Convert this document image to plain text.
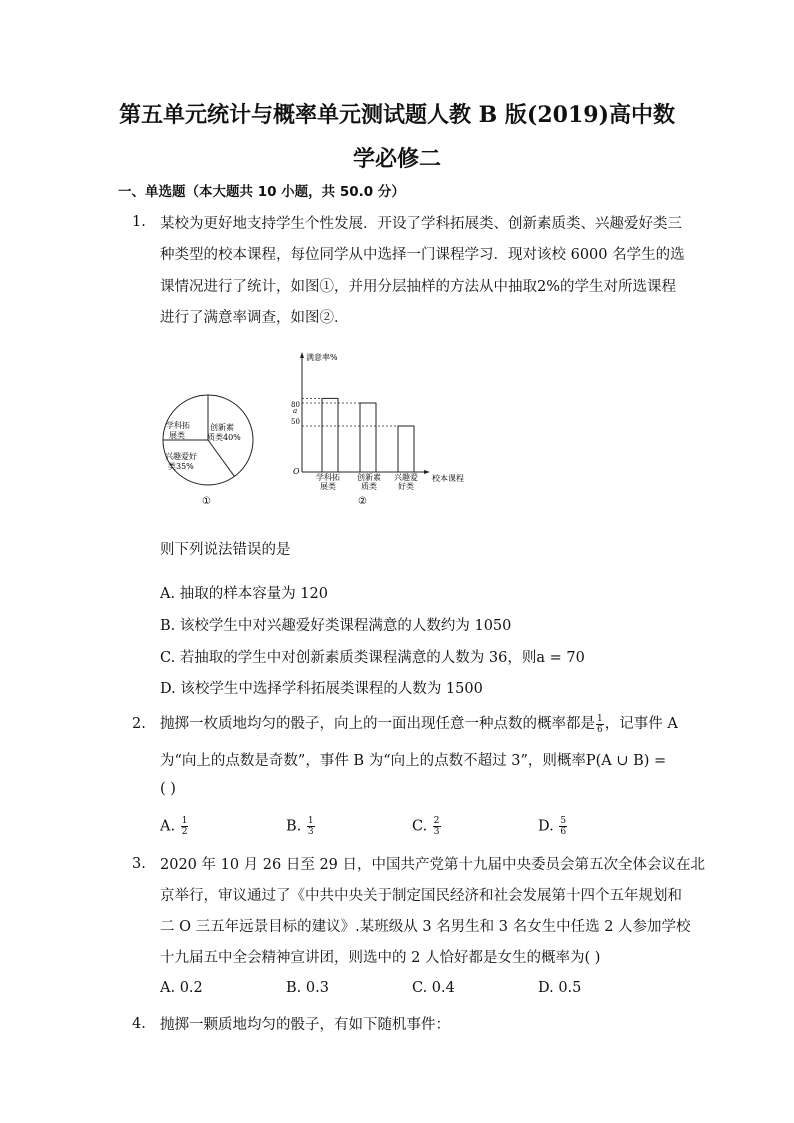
第五单元统计与概率单元测试题人教 B 版(2019)高中数
学必修二
一、单选题（本大题共 10 小题，共 50.0 分）
1. 某校为更好地支持学生个性发展．开设了学科拓展类、创新素质类、兴趣爱好类三
种类型的校本课程，每位同学从中选择一门课程学习．现对该校 6000 名学生的选
课情况进行了统计，如图①，并用分层抽样的方法从中抽取2%的学生对所选课程
进行了满意率调查，如图②．
学科拓
展类
创新素
质类40%
兴趣爱好
类35%
①
满意率%
校本课程
O
80
a
50
学科拓
展类
创新素
质类
兴趣爱
好类
②
则下列说法错误的是
A. 抽取的样本容量为 120
B. 该校学生中对兴趣爱好类课程满意的人数约为 1050
C. 若抽取的学生中对创新素质类课程满意的人数为 36，则a = 70
D. 该校学生中选择学科拓展类课程的人数为 1500
2. 抛掷一枚质地均匀的骰子，向上的一面出现任意一种点数的概率都是 $\frac{1}{6}$ ，记事件 A
为“向上的点数是奇数”，事件 B 为“向上的点数不超过 3”，则概率P(A ∪ B) =
( )
A. $\frac{1}{2}$	B. $\frac{1}{3}$	C. $\frac{2}{3}$	D. $\frac{5}{6}$
3. 2020 年 10 月 26 日至 29 日，中国共产党第十九届中央委员会第五次全体会议在北
京举行，审议通过了《中共中央关于制定国民经济和社会发展第十四个五年规划和
二 O 三五年远景目标的建议》.某班级从 3 名男生和 3 名女生中任选 2 人参加学校
十九届五中全会精神宣讲团，则选中的 2 人恰好都是女生的概率为( )
A. 0.2	B. 0.3	C. 0.4	D. 0.5
4. 抛掷一颗质地均匀的骰子，有如下随机事件：
